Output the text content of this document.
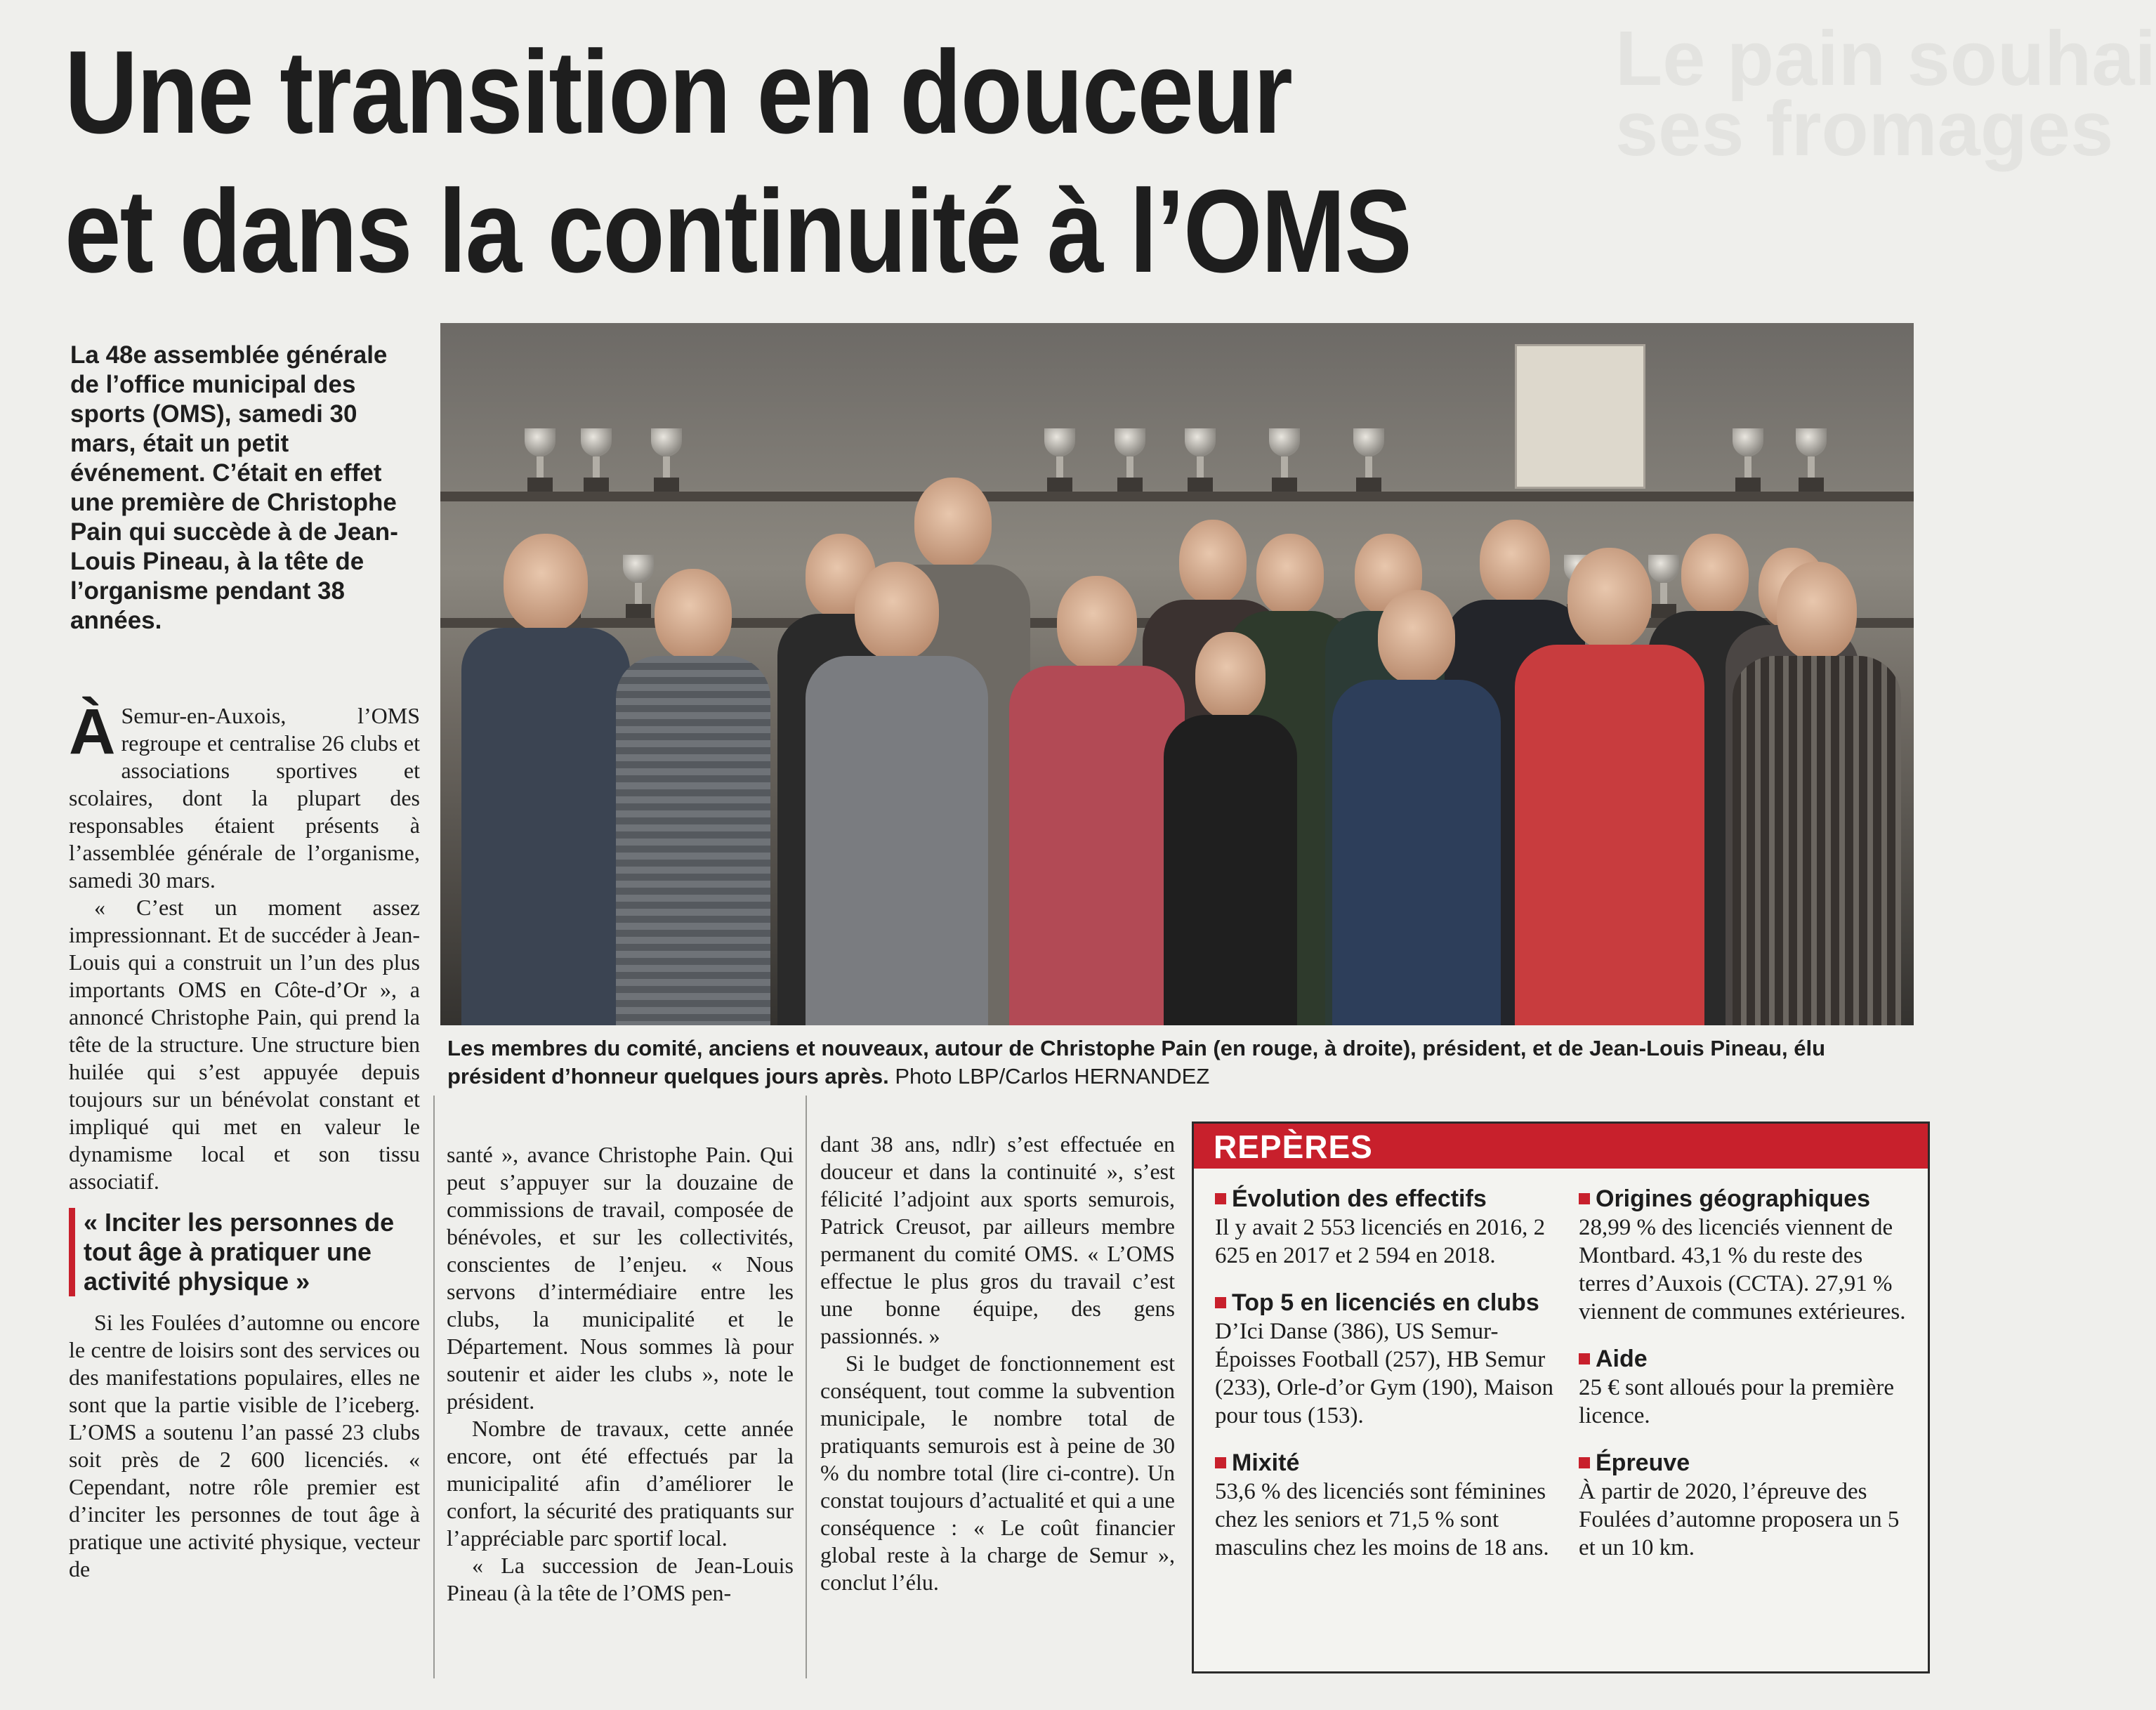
Le pain souhai
ses fromages
Une transition en douceur
et dans la continuité à l’OMS
La 48e assemblée générale de l’office municipal des sports (OMS), samedi 30 mars, était un petit événement. C’était en effet une première de Christophe Pain qui succède à de Jean-Louis Pineau, à la tête de l’organisme pendant 38 années.
Les membres du comité, anciens et nouveaux, autour de Christophe Pain (en rouge, à droite), président, et de Jean-Louis Pineau, élu président d’honneur quelques jours après. Photo LBP/Carlos HERNANDEZ

À Semur-en-Auxois, l’OMS regroupe et centralise 26 clubs et associations sportives et scolaires, dont la plupart des responsables étaient présents à l’assemblée générale de l’organisme, samedi 30 mars.

« C’est un moment assez impressionnant. Et de succéder à Jean-Louis qui a construit un l’un des plus importants OMS en Côte-d’Or », a annoncé Christophe Pain, qui prend la tête de la structure. Une structure bien huilée qui s’est appuyée depuis toujours sur un bénévolat constant et impliqué qui met en valeur le dynamisme local et son tissu associatif.

« Inciter les personnes de tout âge à pratiquer une activité physique »

Si les Foulées d’automne ou encore le centre de loisirs sont des services ou des manifestations populaires, elles ne sont que la partie visible de l’iceberg. L’OMS a soutenu l’an passé 23 clubs soit près de 2 600 licenciés. « Cependant, notre rôle premier est d’inciter les personnes de tout âge à pratique une activité physique, vecteur de

santé », avance Christophe Pain. Qui peut s’appuyer sur la douzaine de commissions de travail, composée de bénévoles, et sur les collectivités, conscientes de l’enjeu. « Nous servons d’intermédiaire entre les clubs, la municipalité et le Département. Nous sommes là pour soutenir et aider les clubs », note le président.

Nombre de travaux, cette année encore, ont été effectués par la municipalité afin d’améliorer le confort, la sécurité des pratiquants sur l’appréciable parc sportif local.

« La succession de Jean-Louis Pineau (à la tête de l’OMS pen-

dant 38 ans, ndlr) s’est effectuée en douceur et dans la continuité », s’est félicité l’adjoint aux sports semurois, Patrick Creusot, par ailleurs membre permanent du comité OMS. « L’OMS effectue le plus gros du travail c’est une bonne équipe, des gens passionnés. »

Si le budget de fonctionnement est conséquent, tout comme la subvention municipale, le nombre total de pratiquants semurois est à peine de 30 % du nombre total (lire ci-contre). Un constat toujours d’actualité et qui a une conséquence : « Le coût financier global reste à la charge de Semur », conclut l’élu.

REPÈRES
Évolution des effectifs
Il y avait 2 553 licenciés en 2016, 2 625 en 2017 et 2 594 en 2018.
Top 5 en licenciés en clubs
D’Ici Danse (386), US Semur-Époisses Football (257), HB Semur (233), Orle-d’or Gym (190), Maison pour tous (153).
Mixité
53,6 % des licenciés sont féminines chez les seniors et 71,5 % sont masculins chez les moins de 18 ans.
Origines géographiques
28,99 % des licenciés viennent de Montbard. 43,1 % du reste des terres d’Auxois (CCTA). 27,91 % viennent de communes extérieures.
Aide
25 € sont alloués pour la première licence.
Épreuve
À partir de 2020, l’épreuve des Foulées d’automne proposera un 5 et un 10 km.
